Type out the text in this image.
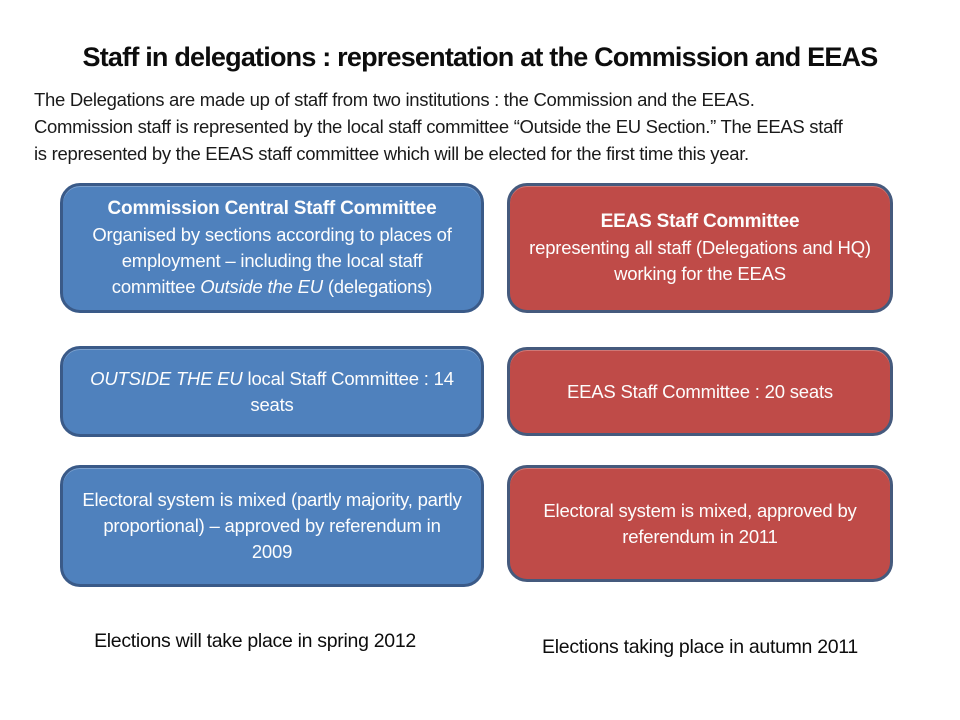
Staff in delegations : representation at the Commission and EEAS
The Delegations are made up of staff from two institutions : the Commission and the EEAS.
Commission staff is represented by the local staff committee “Outside the EU Section.” The EEAS staff
is represented by the EEAS staff committee which will be elected for the first time this year.
Commission Central Staff Committee
Organised by sections according to places of employment – including the local staff committee Outside the EU (delegations)
OUTSIDE THE EU local Staff Committee : 14 seats
Electoral system is mixed (partly majority, partly proportional) – approved by referendum in 2009
EEAS Staff Committee
representing all staff (Delegations and HQ) working for the EEAS
EEAS Staff Committee : 20 seats
Electoral system is mixed, approved by referendum in 2011
Elections will take place in spring 2012	Elections taking place in autumn 2011
